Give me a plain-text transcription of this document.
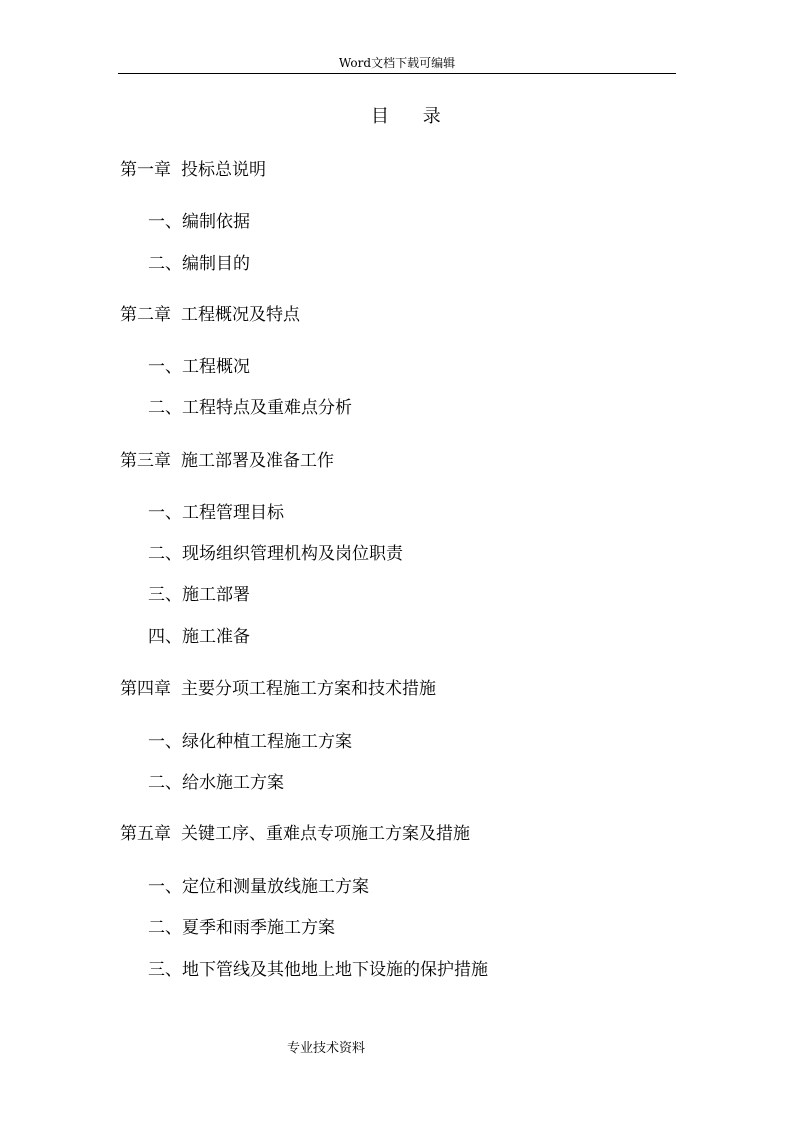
Word文档下载可编辑
目 录
第一章 投标总说明
一、编制依据
二、编制目的
第二章 工程概况及特点
一、工程概况
二、工程特点及重难点分析
第三章 施工部署及准备工作
一、工程管理目标
二、现场组织管理机构及岗位职责
三、施工部署
四、施工准备
第四章 主要分项工程施工方案和技术措施
一、绿化种植工程施工方案
二、给水施工方案
第五章 关键工序、重难点专项施工方案及措施
一、定位和测量放线施工方案
二、夏季和雨季施工方案
三、地下管线及其他地上地下设施的保护措施
专业技术资料
